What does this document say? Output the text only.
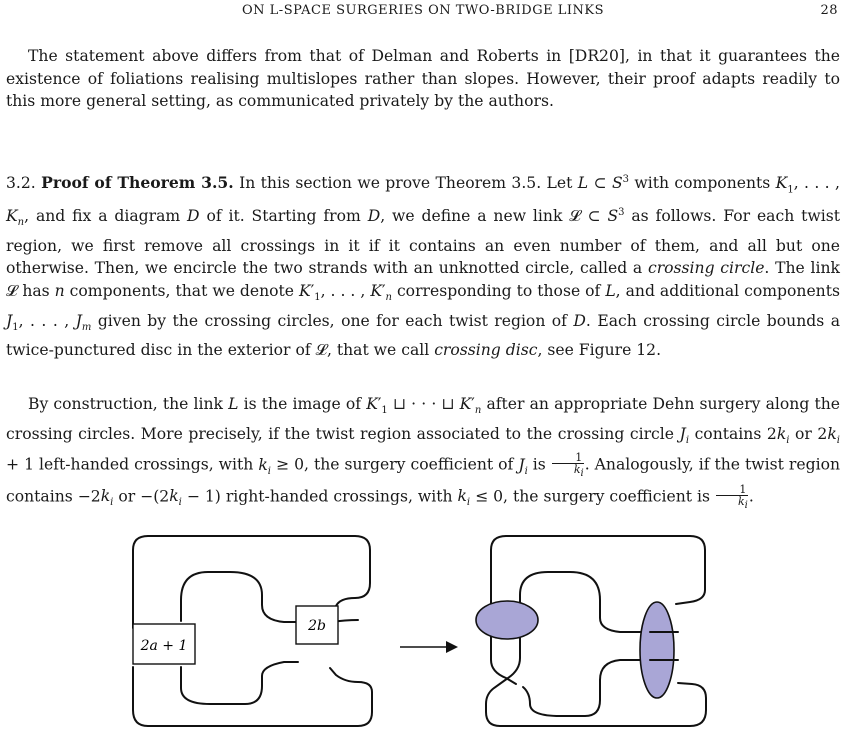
ON L-SPACE SURGERIES ON TWO-BRIDGE LINKS	28
The statement above differs from that of Delman and Roberts in [DR20], in that it guarantees the existence of foliations realising multislopes rather than slopes. However, their proof adapts readily to this more general setting, as communicated privately by the authors.
3.2. Proof of Theorem 3.5. In this section we prove Theorem 3.5. Let L ⊂ $S^3$ with components $K_1$, . . . , $K_n$, and fix a diagram D of it. Starting from D, we define a new link 𝓛 ⊂ $S^3$ as follows. For each twist region, we first remove all crossings in it if it contains an even number of them, and all but one otherwise. Then, we encircle the two strands with an unknotted circle, called a crossing circle. The link 𝓛 has n components, that we denote $K'_1$, . . . , $K'_n$ corresponding to those of L, and additional components $J_1$, . . . , $J_m$ given by the crossing circles, one for each twist region of D. Each crossing circle bounds a twice-punctured disc in the exterior of 𝓛, that we call crossing disc, see Figure 12.
By construction, the link L is the image of $K'_1$ ⊔ · · · ⊔ $K'_n$ after an appropriate Dehn surgery along the crossing circles. More precisely, if the twist region associated to the crossing circle $J_i$ contains $2k_i$ or $2k_i + 1$ left-handed crossings, with $k_i \ge 0$, the surgery coefficient of $J_i$ is $\frac{1}{k_i}$ . Analogously, if the twist region contains $-2k_i$ or $-(2k_i - 1)$ right-handed crossings, with $k_i \le 0$, the surgery coefficient is $\frac{1}{k_i}$ .
2a + 1
2b
